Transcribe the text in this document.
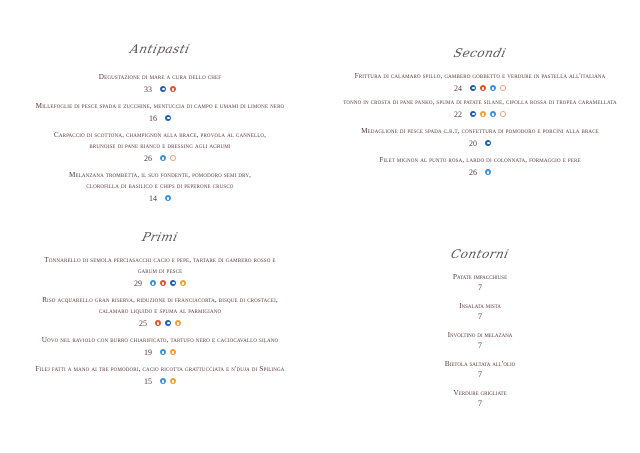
Antipasti
Degustazione di mare a cura dello chef
33
Millefoglie di pesce spada e zucchine, mentuccia di campo e umami di limone nero
16
Carpaccio di scottona, champignon alla brace, provola al cannello,
brunoise di pane bianco e dressing agli agrumi
26
Melanzana trombetta, il suo fondente, pomodoro semi dry,
clorofilla di basilico e chips di peperone crusco
14
Primi
Tonnarello di semola perciasacchi cacio e pepe, tartare di gambero rosso e
garum di pesce
29
Riso acquarello gran riserva, riduzione di franciacorta, bisque di crostacei,
calamaro liquido e spuma al parmigiano
25
Uovo nel raviolo con burro chiarificato, tartufo nero e caciocavallo silano
19
Filej fatti a mano ai tre pomodori, cacio ricotta grattucciata e n'duja di Spilinga
15
Secondi
Frittura di calamaro spillo, gambero gobbetto e verdure in pastella all'italiana
24
tonno in crosta di pane panko, spuma di patate silane, cipolla rossa di tropea caramellata
22
Medaglione di pesce spada c.b.t, confettura di pomodoro e porcini alla brace
20
Filet mignon al punto rosa, lardo di colonnata, formaggio e pere
26
Contorni
Patate impacchiuse
7
Insalata mista
7
Involtino di melazana
7
Bietola saltata all'olio
7
Verdure grigliate
7
